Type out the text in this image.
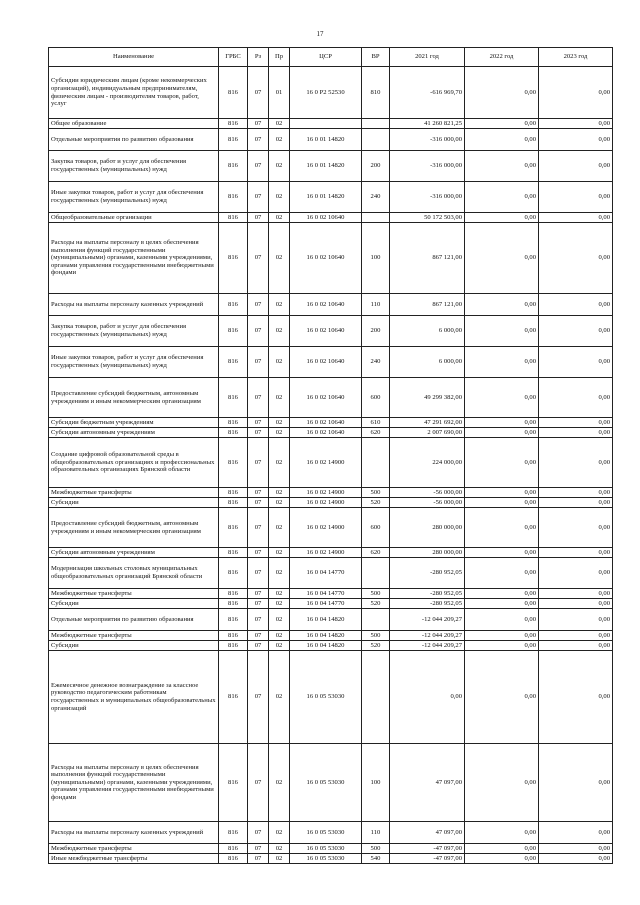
17
Наименование	ГРБС	Рз	Пр	ЦСР	ВР	2021 год	2022 год	2023 год
Субсидии юридическим лицам (кроме некоммерческих организаций), индивидуальным предпринимателям, физическим лицам - производителям товаров, работ, услуг	816	07	01	16 0 P2 52530	810	-616 969,70	0,00	0,00
Общее образование	816	07	02			41 260 821,25	0,00	0,00
Отдельные мероприятия по развитию образования	816	07	02	16 0 01 14820		-316 000,00	0,00	0,00
Закупка товаров, работ и услуг для обеспечения государственных (муниципальных) нужд	816	07	02	16 0 01 14820	200	-316 000,00	0,00	0,00
Иные закупки товаров, работ и услуг для обеспечения государственных (муниципальных) нужд	816	07	02	16 0 01 14820	240	-316 000,00	0,00	0,00
Общеобразовательные организации	816	07	02	16 0 02 10640		50 172 503,00	0,00	0,00
Расходы на выплаты персоналу в целях обеспечения выполнения функций государственными (муниципальными) органами, казенными учреждениями, органами управления государственными внебюджетными фондами	816	07	02	16 0 02 10640	100	867 121,00	0,00	0,00
Расходы на выплаты персоналу казенных учреждений	816	07	02	16 0 02 10640	110	867 121,00	0,00	0,00
Закупка товаров, работ и услуг для обеспечения государственных (муниципальных) нужд	816	07	02	16 0 02 10640	200	6 000,00	0,00	0,00
Иные закупки товаров, работ и услуг для обеспечения государственных (муниципальных) нужд	816	07	02	16 0 02 10640	240	6 000,00	0,00	0,00
Предоставление субсидий бюджетным, автономным учреждениям и иным некоммерческим организациям	816	07	02	16 0 02 10640	600	49 299 382,00	0,00	0,00
Субсидии бюджетным учреждениям	816	07	02	16 0 02 10640	610	47 291 692,00	0,00	0,00
Субсидии автономным учреждениям	816	07	02	16 0 02 10640	620	2 007 690,00	0,00	0,00
Создание цифровой образовательной среды в общеобразовательных организациях и профессиональных образовательных организациях Брянской области	816	07	02	16 0 02 14900		224 000,00	0,00	0,00
Межбюджетные трансферты	816	07	02	16 0 02 14900	500	-56 000,00	0,00	0,00
Субсидии	816	07	02	16 0 02 14900	520	-56 000,00	0,00	0,00
Предоставление субсидий бюджетным, автономным учреждениям и иным некоммерческим организациям	816	07	02	16 0 02 14900	600	280 000,00	0,00	0,00
Субсидии автономным учреждениям	816	07	02	16 0 02 14900	620	280 000,00	0,00	0,00
Модернизация школьных столовых муниципальных общеобразовательных организаций Брянской области	816	07	02	16 0 04 14770		-280 952,05	0,00	0,00
Межбюджетные трансферты	816	07	02	16 0 04 14770	500	-280 952,05	0,00	0,00
Субсидии	816	07	02	16 0 04 14770	520	-280 952,05	0,00	0,00
Отдельные мероприятия по развитию образования	816	07	02	16 0 04 14820		-12 044 209,27	0,00	0,00
Межбюджетные трансферты	816	07	02	16 0 04 14820	500	-12 044 209,27	0,00	0,00
Субсидии	816	07	02	16 0 04 14820	520	-12 044 209,27	0,00	0,00
Ежемесячное денежное вознаграждение за классное руководство педагогическим работникам государственных и муниципальных общеобразовательных организаций	816	07	02	16 0 05 53030		0,00	0,00	0,00
Расходы на выплаты персоналу в целях обеспечения выполнения функций государственными (муниципальными) органами, казенными учреждениями, органами управления государственными внебюджетными фондами	816	07	02	16 0 05 53030	100	47 097,00	0,00	0,00
Расходы на выплаты персоналу казенных учреждений	816	07	02	16 0 05 53030	110	47 097,00	0,00	0,00
Межбюджетные трансферты	816	07	02	16 0 05 53030	500	-47 097,00	0,00	0,00
Иные межбюджетные трансферты	816	07	02	16 0 05 53030	540	-47 097,00	0,00	0,00
